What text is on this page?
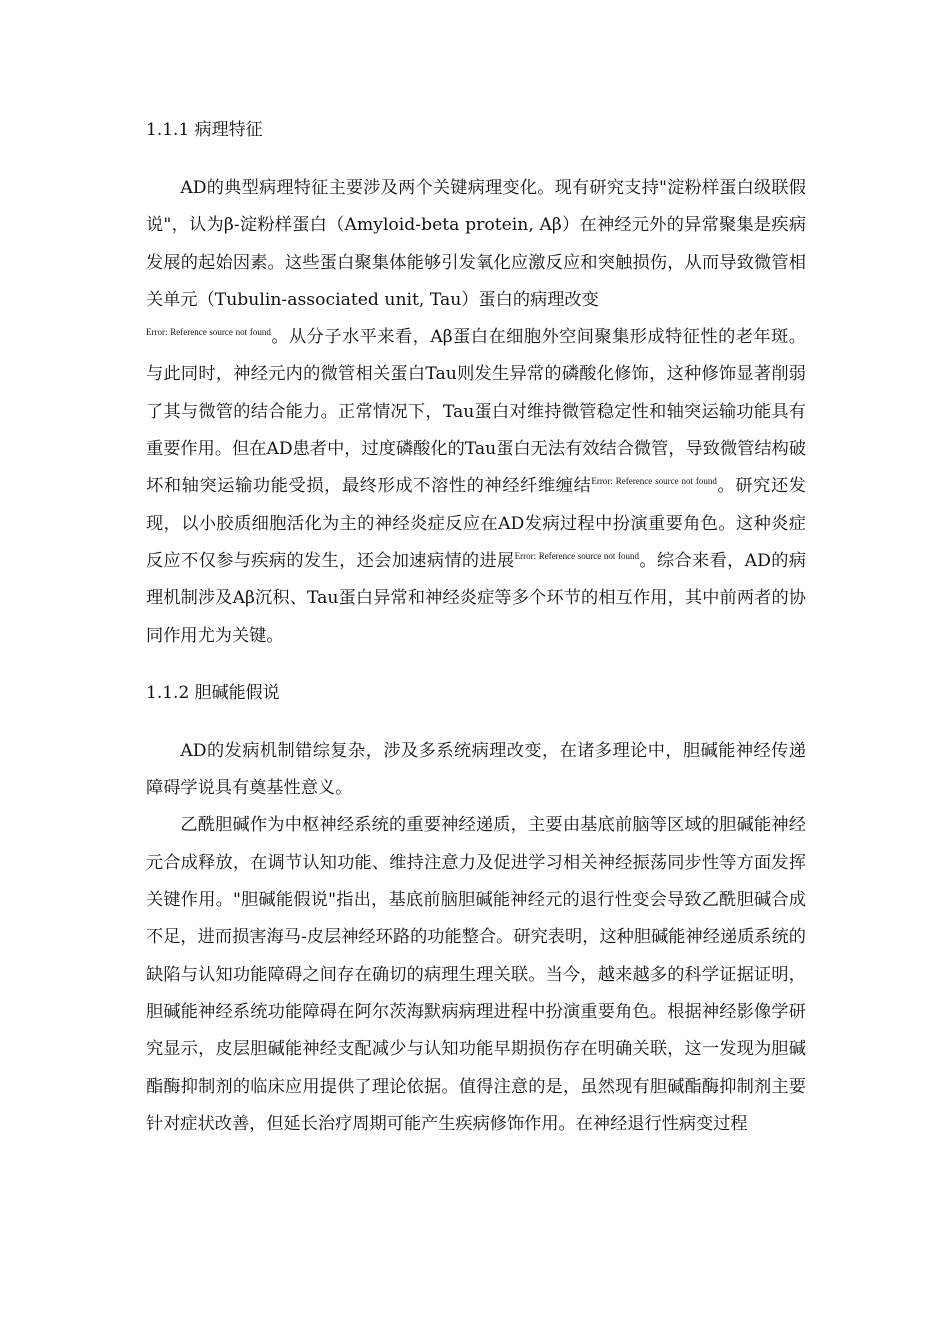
1.1.1 病理特征

AD的典型病理特征主要涉及两个关键病理变化。现有研究支持"淀粉样蛋白级联假说"，认为β-淀粉样蛋白（Amyloid-beta protein, Aβ）在神经元外的异常聚集是疾病发展的起始因素。这些蛋白聚集体能够引发氧化应激反应和突触损伤，从而导致微管相关单元（Tubulin-associated unit, Tau）蛋白的病理改变
$^{Error: Reference source not found}$。从分子水平来看，Aβ蛋白在细胞外空间聚集形成特征性的老年斑。与此同时，神经元内的微管相关蛋白Tau则发生异常的磷酸化修饰，这种修饰显著削弱了其与微管的结合能力。正常情况下，Tau蛋白对维持微管稳定性和轴突运输功能具有重要作用。但在AD患者中，过度磷酸化的Tau蛋白无法有效结合微管，导致微管结构破坏和轴突运输功能受损，最终形成不溶性的神经纤维缠结$^{Error: Reference source not found}$。研究还发现，以小胶质细胞活化为主的神经炎症反应在AD发病过程中扮演重要角色。这种炎症反应不仅参与疾病的发生，还会加速病情的进展$^{Error: Reference source not found}$。综合来看，AD的病理机制涉及Aβ沉积、Tau蛋白异常和神经炎症等多个环节的相互作用，其中前两者的协同作用尤为关键。

1.1.2 胆碱能假说

AD的发病机制错综复杂，涉及多系统病理改变，在诸多理论中，胆碱能神经传递障碍学说具有奠基性意义。

乙酰胆碱作为中枢神经系统的重要神经递质，主要由基底前脑等区域的胆碱能神经元合成释放，在调节认知功能、维持注意力及促进学习相关神经振荡同步性等方面发挥关键作用。"胆碱能假说"指出，基底前脑胆碱能神经元的退行性变会导致乙酰胆碱合成不足，进而损害海马-皮层神经环路的功能整合。研究表明，这种胆碱能神经递质系统的缺陷与认知功能障碍之间存在确切的病理生理关联。当今，越来越多的科学证据证明，胆碱能神经系统功能障碍在阿尔茨海默病病理进程中扮演重要角色。根据神经影像学研究显示，皮层胆碱能神经支配减少与认知功能早期损伤存在明确关联，这一发现为胆碱酯酶抑制剂的临床应用提供了理论依据。值得注意的是，虽然现有胆碱酯酶抑制剂主要针对症状改善，但延长治疗周期可能产生疾病修饰作用。在神经退行性病变过程
